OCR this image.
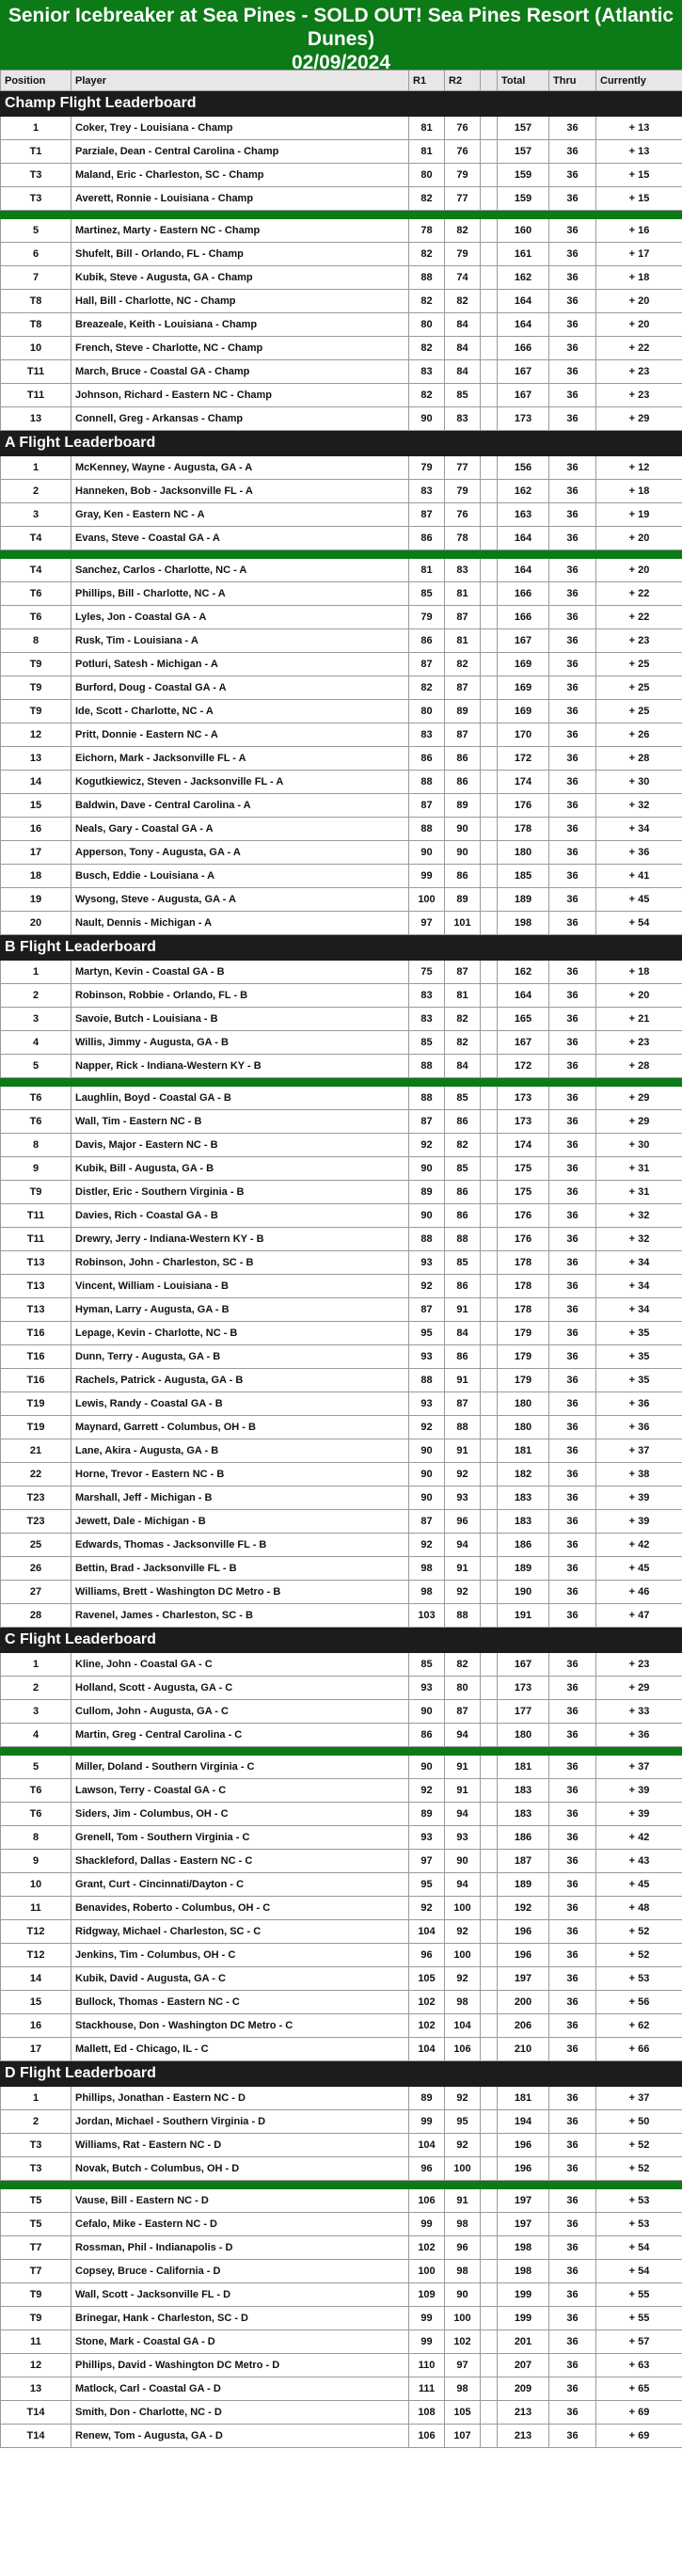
Senior Icebreaker at Sea Pines - SOLD OUT! Sea Pines Resort (Atlantic
Dunes)
02/09/2024
Position	Player	R1	R2		Total	Thru	Currently
Champ Flight Leaderboard							
1	Coker, Trey - Louisiana - Champ	81	76		157	36	+ 13
T1	Parziale, Dean - Central Carolina - Champ	81	76		157	36	+ 13
T3	Maland, Eric - Charleston, SC - Champ	80	79		159	36	+ 15
T3	Averett, Ronnie - Louisiana - Champ	82	77		159	36	+ 15

5	Martinez, Marty - Eastern NC - Champ	78	82		160	36	+ 16
6	Shufelt, Bill - Orlando, FL - Champ	82	79		161	36	+ 17
7	Kubik, Steve - Augusta, GA - Champ	88	74		162	36	+ 18
T8	Hall, Bill - Charlotte, NC - Champ	82	82		164	36	+ 20
T8	Breazeale, Keith - Louisiana - Champ	80	84		164	36	+ 20
10	French, Steve - Charlotte, NC - Champ	82	84		166	36	+ 22
T11	March, Bruce - Coastal GA - Champ	83	84		167	36	+ 23
T11	Johnson, Richard - Eastern NC - Champ	82	85		167	36	+ 23
13	Connell, Greg - Arkansas - Champ	90	83		173	36	+ 29
A Flight Leaderboard							
1	McKenney, Wayne - Augusta, GA - A	79	77		156	36	+ 12
2	Hanneken, Bob - Jacksonville FL - A	83	79		162	36	+ 18
3	Gray, Ken - Eastern NC - A	87	76		163	36	+ 19
T4	Evans, Steve - Coastal GA - A	86	78		164	36	+ 20

T4	Sanchez, Carlos - Charlotte, NC - A	81	83		164	36	+ 20
T6	Phillips, Bill - Charlotte, NC - A	85	81		166	36	+ 22
T6	Lyles, Jon - Coastal GA - A	79	87		166	36	+ 22
8	Rusk, Tim - Louisiana - A	86	81		167	36	+ 23
T9	Potluri, Satesh - Michigan - A	87	82		169	36	+ 25
T9	Burford, Doug - Coastal GA - A	82	87		169	36	+ 25
T9	Ide, Scott - Charlotte, NC - A	80	89		169	36	+ 25
12	Pritt, Donnie - Eastern NC - A	83	87		170	36	+ 26
13	Eichorn, Mark - Jacksonville FL - A	86	86		172	36	+ 28
14	Kogutkiewicz, Steven - Jacksonville FL - A	88	86		174	36	+ 30
15	Baldwin, Dave - Central Carolina - A	87	89		176	36	+ 32
16	Neals, Gary - Coastal GA - A	88	90		178	36	+ 34
17	Apperson, Tony - Augusta, GA - A	90	90		180	36	+ 36
18	Busch, Eddie - Louisiana - A	99	86		185	36	+ 41
19	Wysong, Steve - Augusta, GA - A	100	89		189	36	+ 45
20	Nault, Dennis - Michigan - A	97	101		198	36	+ 54
B Flight Leaderboard							
1	Martyn, Kevin - Coastal GA - B	75	87		162	36	+ 18
2	Robinson, Robbie - Orlando, FL - B	83	81		164	36	+ 20
3	Savoie, Butch - Louisiana - B	83	82		165	36	+ 21
4	Willis, Jimmy - Augusta, GA - B	85	82		167	36	+ 23
5	Napper, Rick - Indiana-Western KY - B	88	84		172	36	+ 28

T6	Laughlin, Boyd - Coastal GA - B	88	85		173	36	+ 29
T6	Wall, Tim - Eastern NC - B	87	86		173	36	+ 29
8	Davis, Major - Eastern NC - B	92	82		174	36	+ 30
9	Kubik, Bill - Augusta, GA - B	90	85		175	36	+ 31
T9	Distler, Eric - Southern Virginia - B	89	86		175	36	+ 31
T11	Davies, Rich - Coastal GA - B	90	86		176	36	+ 32
T11	Drewry, Jerry - Indiana-Western KY - B	88	88		176	36	+ 32
T13	Robinson, John - Charleston, SC - B	93	85		178	36	+ 34
T13	Vincent, William - Louisiana - B	92	86		178	36	+ 34
T13	Hyman, Larry - Augusta, GA - B	87	91		178	36	+ 34
T16	Lepage, Kevin - Charlotte, NC - B	95	84		179	36	+ 35
T16	Dunn, Terry - Augusta, GA - B	93	86		179	36	+ 35
T16	Rachels, Patrick - Augusta, GA - B	88	91		179	36	+ 35
T19	Lewis, Randy - Coastal GA - B	93	87		180	36	+ 36
T19	Maynard, Garrett - Columbus, OH - B	92	88		180	36	+ 36
21	Lane, Akira - Augusta, GA - B	90	91		181	36	+ 37
22	Horne, Trevor - Eastern NC - B	90	92		182	36	+ 38
T23	Marshall, Jeff - Michigan - B	90	93		183	36	+ 39
T23	Jewett, Dale - Michigan - B	87	96		183	36	+ 39
25	Edwards, Thomas - Jacksonville FL - B	92	94		186	36	+ 42
26	Bettin, Brad - Jacksonville FL - B	98	91		189	36	+ 45
27	Williams, Brett - Washington DC Metro - B	98	92		190	36	+ 46
28	Ravenel, James - Charleston, SC - B	103	88		191	36	+ 47
C Flight Leaderboard							
1	Kline, John - Coastal GA - C	85	82		167	36	+ 23
2	Holland, Scott - Augusta, GA - C	93	80		173	36	+ 29
3	Cullom, John - Augusta, GA - C	90	87		177	36	+ 33
4	Martin, Greg - Central Carolina - C	86	94		180	36	+ 36

5	Miller, Doland - Southern Virginia - C	90	91		181	36	+ 37
T6	Lawson, Terry - Coastal GA - C	92	91		183	36	+ 39
T6	Siders, Jim - Columbus, OH - C	89	94		183	36	+ 39
8	Grenell, Tom - Southern Virginia - C	93	93		186	36	+ 42
9	Shackleford, Dallas - Eastern NC - C	97	90		187	36	+ 43
10	Grant, Curt - Cincinnati/Dayton - C	95	94		189	36	+ 45
11	Benavides, Roberto - Columbus, OH - C	92	100		192	36	+ 48
T12	Ridgway, Michael - Charleston, SC - C	104	92		196	36	+ 52
T12	Jenkins, Tim - Columbus, OH - C	96	100		196	36	+ 52
14	Kubik, David - Augusta, GA - C	105	92		197	36	+ 53
15	Bullock, Thomas - Eastern NC - C	102	98		200	36	+ 56
16	Stackhouse, Don - Washington DC Metro - C	102	104		206	36	+ 62
17	Mallett, Ed - Chicago, IL - C	104	106		210	36	+ 66
D Flight Leaderboard							
1	Phillips, Jonathan - Eastern NC - D	89	92		181	36	+ 37
2	Jordan, Michael - Southern Virginia - D	99	95		194	36	+ 50
T3	Williams, Rat - Eastern NC - D	104	92		196	36	+ 52
T3	Novak, Butch - Columbus, OH - D	96	100		196	36	+ 52

T5	Vause, Bill - Eastern NC - D	106	91		197	36	+ 53
T5	Cefalo, Mike - Eastern NC - D	99	98		197	36	+ 53
T7	Rossman, Phil - Indianapolis - D	102	96		198	36	+ 54
T7	Copsey, Bruce - California - D	100	98		198	36	+ 54
T9	Wall, Scott - Jacksonville FL - D	109	90		199	36	+ 55
T9	Brinegar, Hank - Charleston, SC - D	99	100		199	36	+ 55
11	Stone, Mark - Coastal GA - D	99	102		201	36	+ 57
12	Phillips, David - Washington DC Metro - D	110	97		207	36	+ 63
13	Matlock, Carl - Coastal GA - D	111	98		209	36	+ 65
T14	Smith, Don - Charlotte, NC - D	108	105		213	36	+ 69
T14	Renew, Tom - Augusta, GA - D	106	107		213	36	+ 69
